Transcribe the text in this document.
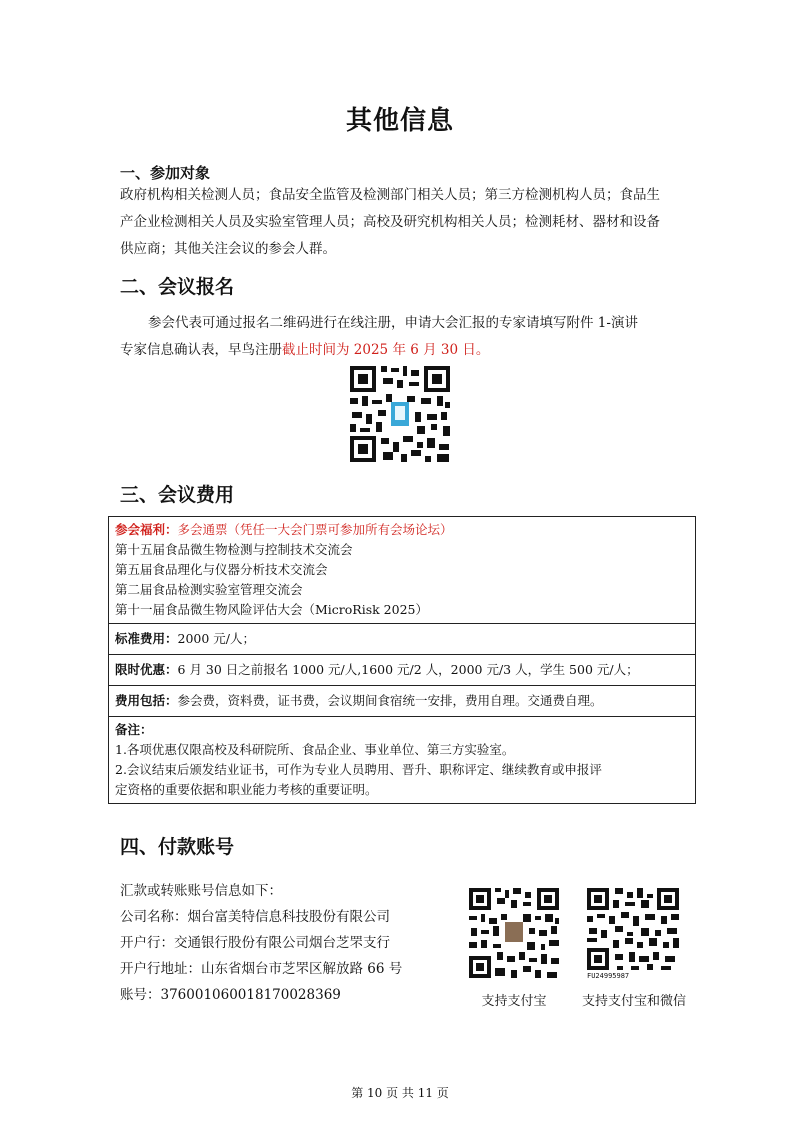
其他信息
一、参加对象
政府机构相关检测人员；食品安全监管及检测部门相关人员；第三方检测机构人员；食品生
产企业检测相关人员及实验室管理人员；高校及研究机构相关人员；检测耗材、器材和设备
供应商；其他关注会议的参会人群。
二、会议报名
参会代表可通过报名二维码进行在线注册，申请大会汇报的专家请填写附件 1-演讲
专家信息确认表，早鸟注册截止时间为 2025 年 6 月 30 日。
三、会议费用
参会福利：多会通票（凭任一大会门票可参加所有会场论坛）
第十五届食品微生物检测与控制技术交流会
第五届食品理化与仪器分析技术交流会
第二届食品检测实验室管理交流会
第十一届食品微生物风险评估大会（MicroRisk 2025）

标准费用：2000 元/人；
限时优惠：6 月 30 日之前报名 1000 元/人,1600 元/2 人，2000 元/3 人，学生 500 元/人；
费用包括：参会费，资料费，证书费，会议期间食宿统一安排，费用自理。交通费自理。

备注：
1.各项优惠仅限高校及科研院所、食品企业、事业单位、第三方实验室。
2.会议结束后颁发结业证书，可作为专业人员聘用、晋升、职称评定、继续教育或申报评
定资格的重要依据和职业能力考核的重要证明。
四、付款账号
汇款或转账账号信息如下：
公司名称：烟台富美特信息科技股份有限公司
开户行：交通银行股份有限公司烟台芝罘支行
开户行地址：山东省烟台市芝罘区解放路 66 号
账号：376001060018170028369	支持支付宝
FU24995987
支持支付宝和微信
第 10 页 共 11 页
